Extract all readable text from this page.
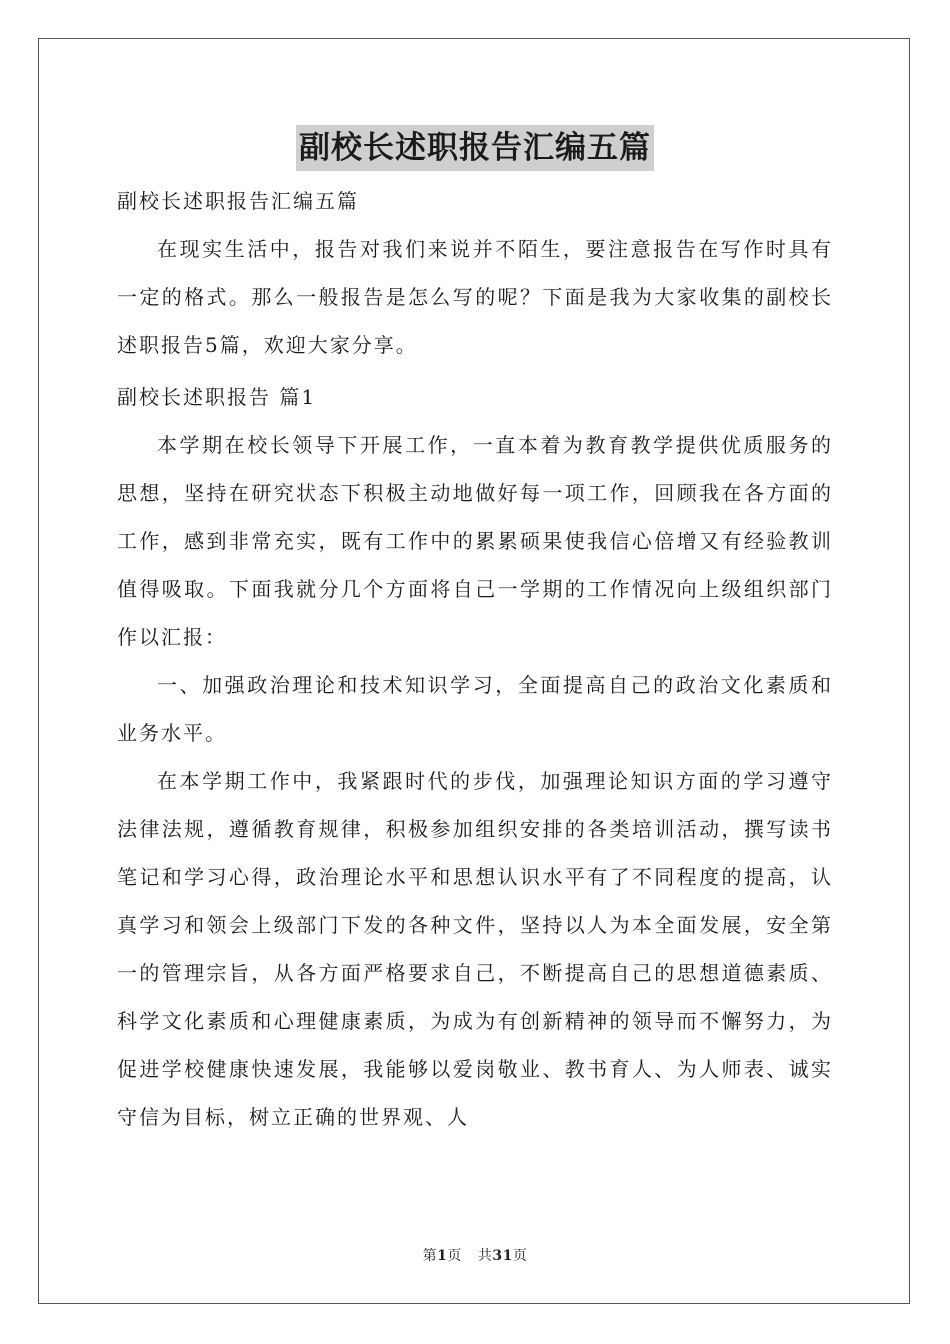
副校长述职报告汇编五篇

副校长述职报告汇编五篇

在现实生活中，报告对我们来说并不陌生，要注意报告在写作时具有一定的格式。那么一般报告是怎么写的呢？下面是我为大家收集的副校长述职报告5篇，欢迎大家分享。

副校长述职报告 篇1

本学期在校长领导下开展工作，一直本着为教育教学提供优质服务的思想，坚持在研究状态下积极主动地做好每一项工作，回顾我在各方面的工作，感到非常充实，既有工作中的累累硕果使我信心倍增又有经验教训值得吸取。下面我就分几个方面将自己一学期的工作情况向上级组织部门作以汇报：

一、加强政治理论和技术知识学习，全面提高自己的政治文化素质和业务水平。

在本学期工作中，我紧跟时代的步伐，加强理论知识方面的学习遵守法律法规，遵循教育规律，积极参加组织安排的各类培训活动，撰写读书笔记和学习心得，政治理论水平和思想认识水平有了不同程度的提高，认真学习和领会上级部门下发的各种文件，坚持以人为本全面发展，安全第一的管理宗旨，从各方面严格要求自己，不断提高自己的思想道德素质、科学文化素质和心理健康素质，为成为有创新精神的领导而不懈努力，为促进学校健康快速发展，我能够以爱岗敬业、教书育人、为人师表、诚实守信为目标，树立正确的世界观、人

第1页 共31页
